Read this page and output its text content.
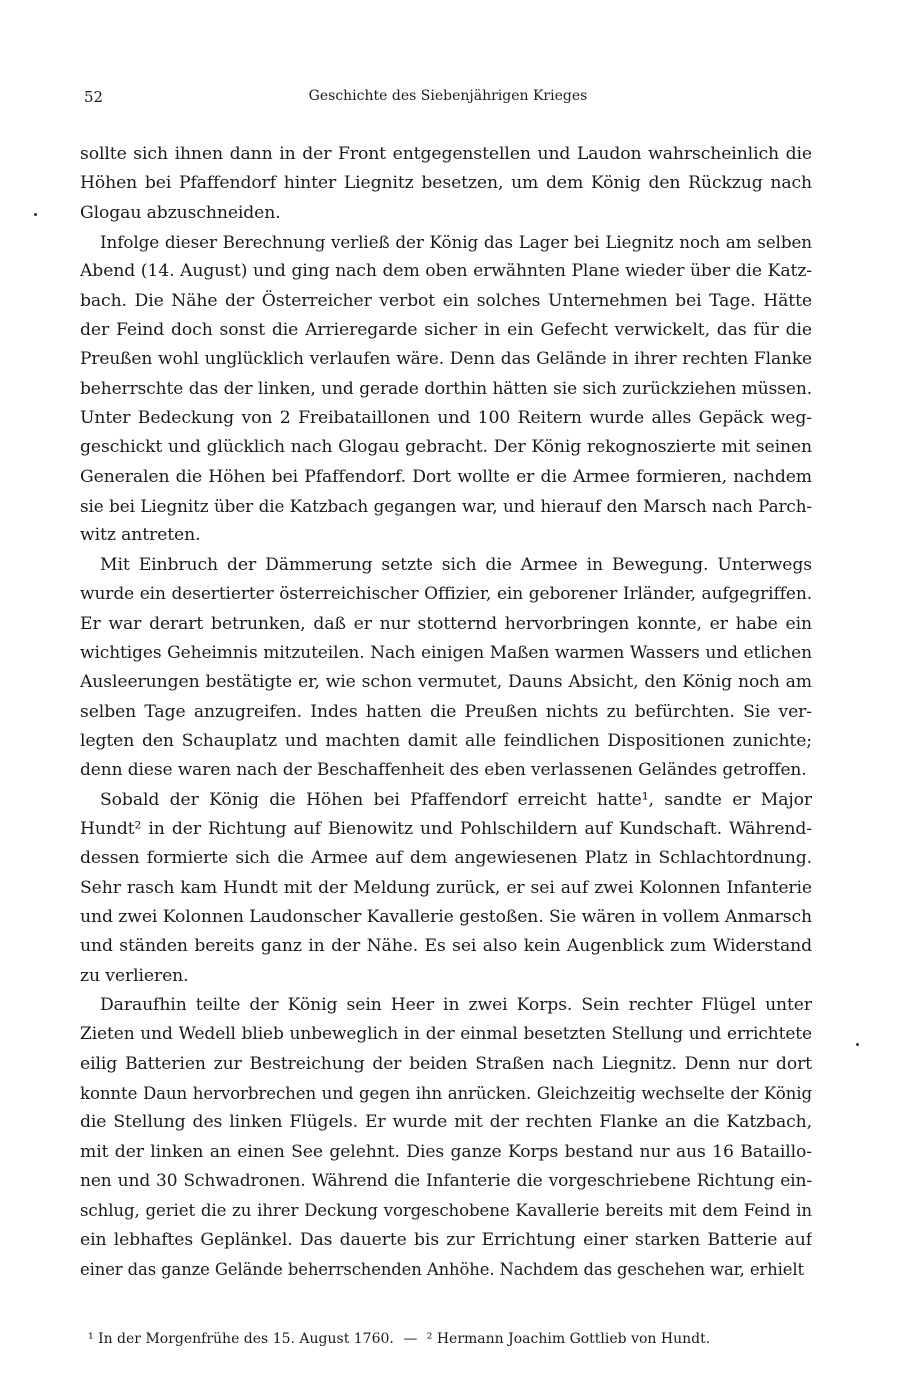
52	Geschichte des Siebenjährigen Krieges
sollte sich ihnen dann in der Front entgegenstellen und Laudon wahrscheinlich die
Höhen bei Pfaffendorf hinter Liegnitz besetzen, um dem König den Rückzug nach
Glogau abzuschneiden.
Infolge dieser Berechnung verließ der König das Lager bei Liegnitz noch am selben
Abend (14. August) und ging nach dem oben erwähnten Plane wieder über die Katz-
bach. Die Nähe der Österreicher verbot ein solches Unternehmen bei Tage. Hätte
der Feind doch sonst die Arrieregarde sicher in ein Gefecht verwickelt, das für die
Preußen wohl unglücklich verlaufen wäre. Denn das Gelände in ihrer rechten Flanke
beherrschte das der linken, und gerade dorthin hätten sie sich zurückziehen müssen.
Unter Bedeckung von 2 Freibataillonen und 100 Reitern wurde alles Gepäck weg-
geschickt und glücklich nach Glogau gebracht. Der König rekognoszierte mit seinen
Generalen die Höhen bei Pfaffendorf. Dort wollte er die Armee formieren, nachdem
sie bei Liegnitz über die Katzbach gegangen war, und hierauf den Marsch nach Parch-
witz antreten.
Mit Einbruch der Dämmerung setzte sich die Armee in Bewegung. Unterwegs
wurde ein desertierter österreichischer Offizier, ein geborener Irländer, aufgegriffen.
Er war derart betrunken, daß er nur stotternd hervorbringen konnte, er habe ein
wichtiges Geheimnis mitzuteilen. Nach einigen Maßen warmen Wassers und etlichen
Ausleerungen bestätigte er, wie schon vermutet, Dauns Absicht, den König noch am
selben Tage anzugreifen. Indes hatten die Preußen nichts zu befürchten. Sie ver-
legten den Schauplatz und machten damit alle feindlichen Dispositionen zunichte;
denn diese waren nach der Beschaffenheit des eben verlassenen Geländes getroffen.
Sobald der König die Höhen bei Pfaffendorf erreicht hatte¹, sandte er Major
Hundt² in der Richtung auf Bienowitz und Pohlschildern auf Kundschaft. Während-
dessen formierte sich die Armee auf dem angewiesenen Platz in Schlachtordnung.
Sehr rasch kam Hundt mit der Meldung zurück, er sei auf zwei Kolonnen Infanterie
und zwei Kolonnen Laudonscher Kavallerie gestoßen. Sie wären in vollem Anmarsch
und ständen bereits ganz in der Nähe. Es sei also kein Augenblick zum Widerstand
zu verlieren.
Daraufhin teilte der König sein Heer in zwei Korps. Sein rechter Flügel unter
Zieten und Wedell blieb unbeweglich in der einmal besetzten Stellung und errichtete
eilig Batterien zur Bestreichung der beiden Straßen nach Liegnitz. Denn nur dort
konnte Daun hervorbrechen und gegen ihn anrücken. Gleichzeitig wechselte der König
die Stellung des linken Flügels. Er wurde mit der rechten Flanke an die Katzbach,
mit der linken an einen See gelehnt. Dies ganze Korps bestand nur aus 16 Bataillo-
nen und 30 Schwadronen. Während die Infanterie die vorgeschriebene Richtung ein-
schlug, geriet die zu ihrer Deckung vorgeschobene Kavallerie bereits mit dem Feind in
ein lebhaftes Geplänkel. Das dauerte bis zur Errichtung einer starken Batterie auf
einer das ganze Gelände beherrschenden Anhöhe. Nachdem das geschehen war, erhielt
¹ In der Morgenfrühe des 15. August 1760. — ² Hermann Joachim Gottlieb von Hundt.
